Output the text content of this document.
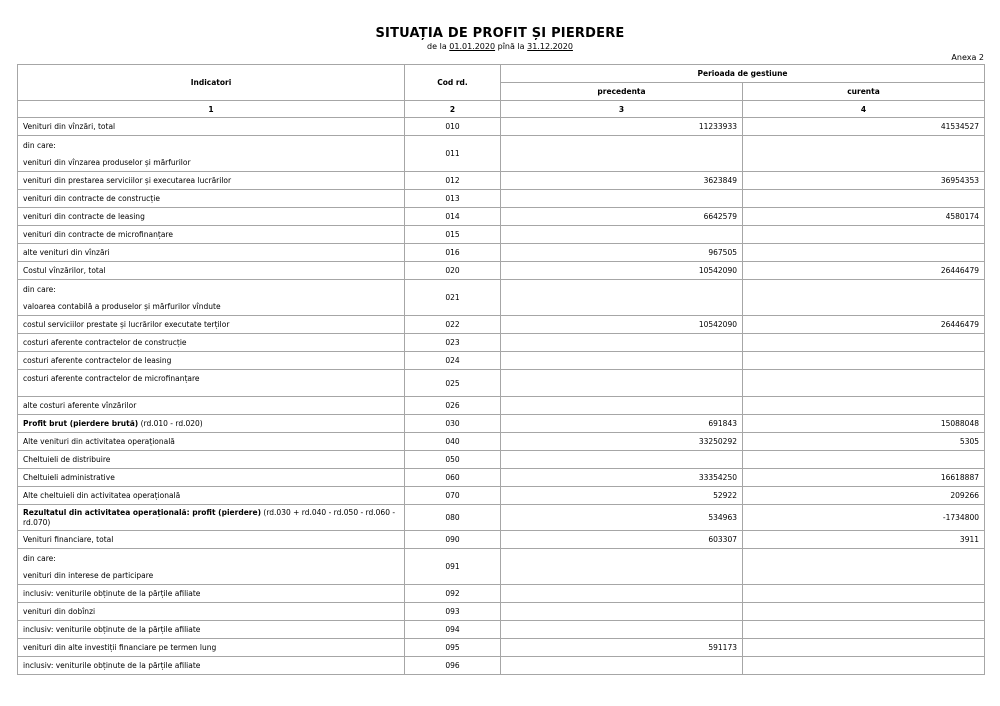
SITUAȚIA DE PROFIT ȘI PIERDERE
de la 01.01.2020 pînă la 31.12.2020
Anexa 2
Indicatori	Cod rd.	Perioada de gestiune	
		precedenta	curenta
1	2	3	4
Venituri din vînzări, total	010	11233933	41534527

din care:
venituri din vînzarea produselor și mărfurilor	011		
venituri din prestarea serviciilor și executarea lucrărilor	012	3623849	36954353
venituri din contracte de construcție	013		
venituri din contracte de leasing	014	6642579	4580174
venituri din contracte de microfinanțare	015		
alte venituri din vînzări	016	967505	
Costul vînzărilor, total	020	10542090	26446479

din care:
valoarea contabilă a produselor și mărfurilor vîndute	021		
costul serviciilor prestate și lucrărilor executate terților	022	10542090	26446479
costuri aferente contractelor de construcție	023		
costuri aferente contractelor de leasing	024		
costuri aferente contractelor de microfinanțare	025		
alte costuri aferente vînzărilor	026		
Profit brut (pierdere brută) (rd.010 - rd.020)	030	691843	15088048
Alte venituri din activitatea operațională	040	33250292	5305
Cheltuieli de distribuire	050		
Cheltuieli administrative	060	33354250	16618887
Alte cheltuieli din activitatea operațională	070	52922	209266
Rezultatul din activitatea operațională: profit (pierdere) (rd.030 + rd.040 - rd.050 - rd.060 - rd.070)	080	534963	-1734800
Venituri financiare, total	090	603307	3911

din care:
venituri din interese de participare	091		
inclusiv: veniturile obținute de la părțile afiliate	092		
venituri din dobînzi	093		
inclusiv: veniturile obținute de la părțile afiliate	094		
venituri din alte investiții financiare pe termen lung	095	591173	
inclusiv: veniturile obținute de la părțile afiliate	096		
